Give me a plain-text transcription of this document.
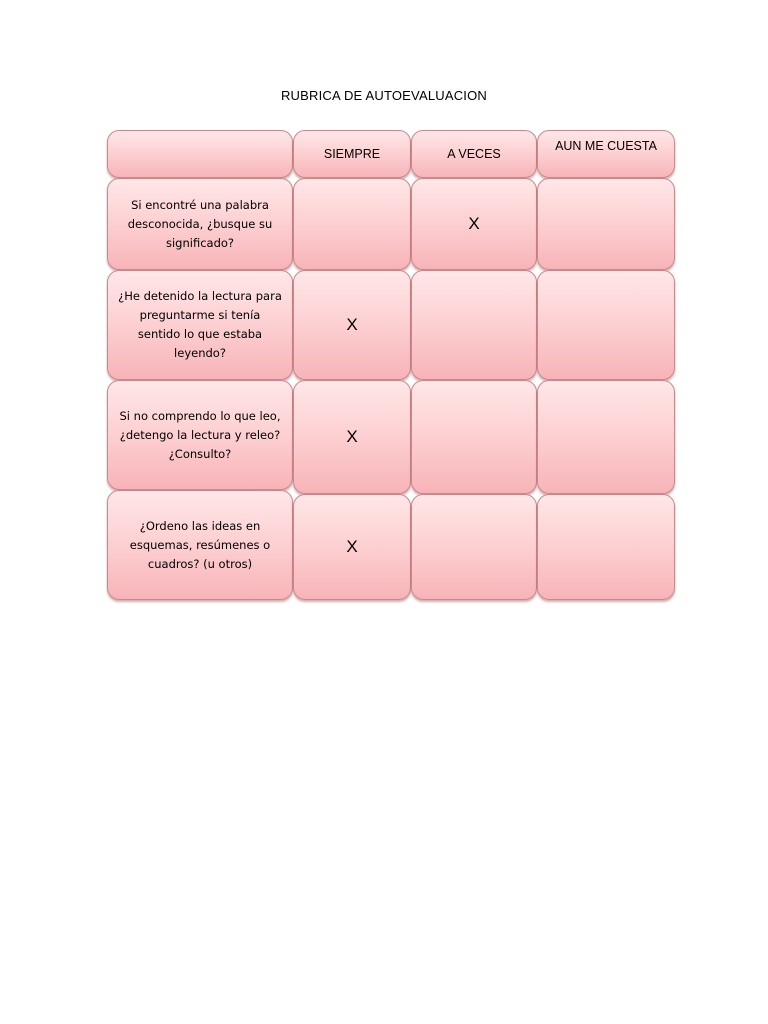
RUBRICA DE AUTOEVALUACION
SIEMPRE	A VECES
AUN ME CUESTA
Si encontré una palabra desconocida, ¿busque su significado?
X
¿He detenido la lectura para preguntarme si tenía sentido lo que estaba leyendo?
X
Si no comprendo lo que leo, ¿detengo la lectura y releo? ¿Consulto?
X
¿Ordeno las ideas en esquemas, resúmenes o cuadros? (u otros)
X
